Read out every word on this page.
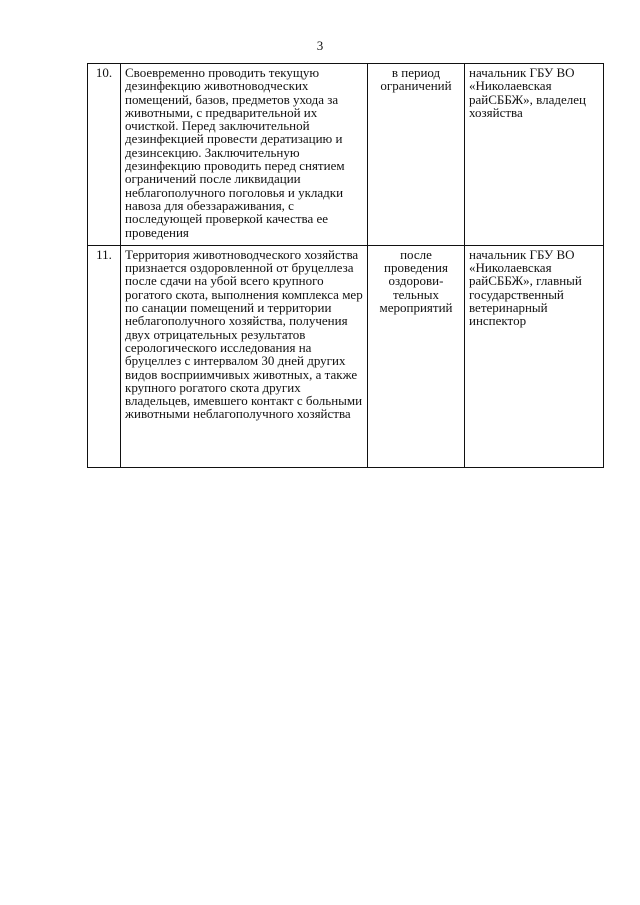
3
10.	Своевременно проводить текущую дезинфекцию животноводческих помещений, базов, предметов ухода за животными, с предварительной их очисткой. Перед заключительной дезинфекцией провести дератизацию и дезинсекцию. Заключительную дезинфекцию проводить перед снятием ограничений после ликвидации неблагополучного поголовья и укладки навоза для обеззараживания, с последующей проверкой качества ее проведения	в период ограничений	начальник ГБУ ВО «Николаевская райСББЖ», владелец хозяйства

11.	Территория животноводческого хозяйства признается оздоровленной от бруцеллеза после сдачи на убой всего крупного рогатого скота, выполнения комплекса мер по санации помещений и территории неблагополучного хозяйства, получения двух отрицательных результатов серологического исследования на бруцеллез с интервалом 30 дней других видов восприимчивых животных, а также крупного рогатого скота других владельцев, имевшего контакт с больными животными неблагополучного хозяйства	после проведения оздорови-тельных мероприятий	начальник ГБУ ВО «Николаевская райСББЖ», главный государственный ветеринарный инспектор
